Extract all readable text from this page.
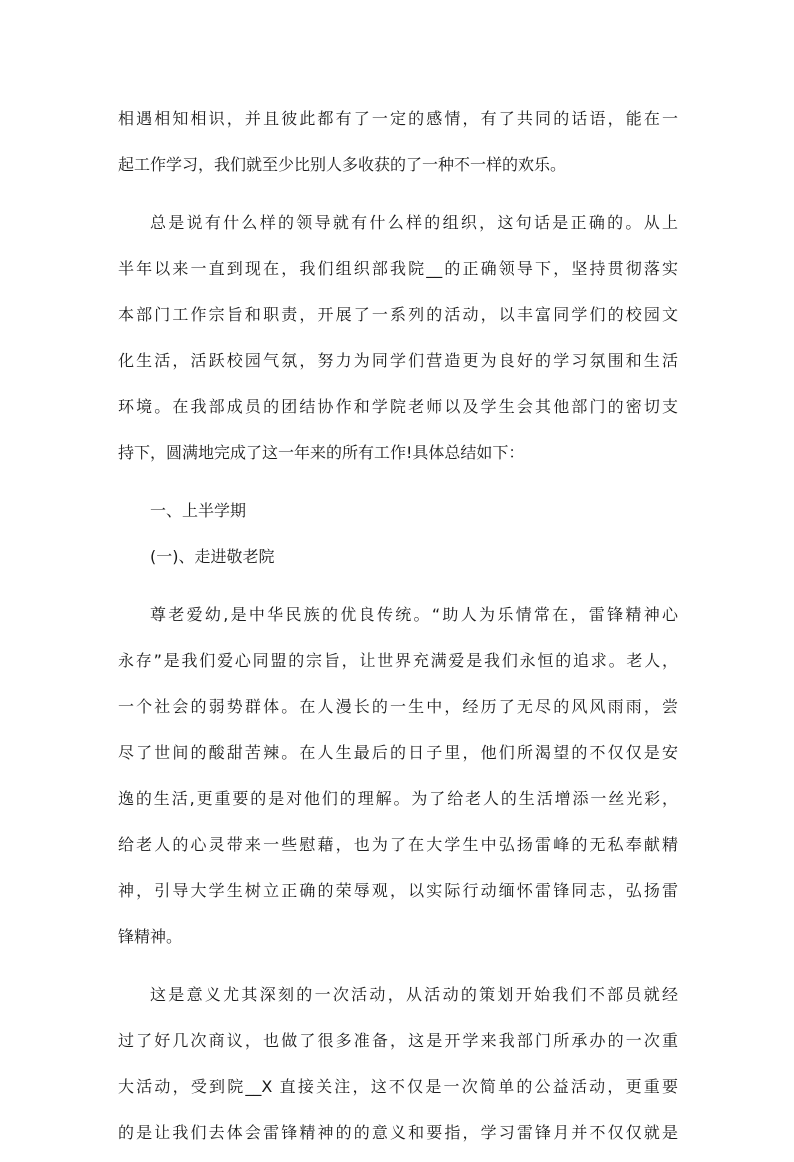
相遇相知相识，并且彼此都有了一定的感情，有了共同的话语，能在一
起工作学习，我们就至少比别人多收获的了一种不一样的欢乐。
总是说有什么样的领导就有什么样的组织，这句话是正确的。从上
半年以来一直到现在，我们组织部我院__的正确领导下，坚持贯彻落实
本部门工作宗旨和职责，开展了一系列的活动，以丰富同学们的校园文
化生活，活跃校园气氛，努力为同学们营造更为良好的学习氛围和生活
环境。在我部成员的团结协作和学院老师以及学生会其他部门的密切支
持下，圆满地完成了这一年来的所有工作!具体总结如下：
一、上半学期
(一)、走进敬老院
尊老爱幼,是中华民族的优良传统。“助人为乐情常在，雷锋精神心
永存”是我们爱心同盟的宗旨，让世界充满爱是我们永恒的追求。老人，
一个社会的弱势群体。在人漫长的一生中，经历了无尽的风风雨雨，尝
尽了世间的酸甜苦辣。在人生最后的日子里，他们所渴望的不仅仅是安
逸的生活,更重要的是对他们的理解。为了给老人的生活增添一丝光彩，
给老人的心灵带来一些慰藉，也为了在大学生中弘扬雷峰的无私奉献精
神，引导大学生树立正确的荣辱观，以实际行动缅怀雷锋同志，弘扬雷
锋精神。
这是意义尤其深刻的一次活动，从活动的策划开始我们不部员就经
过了好几次商议，也做了很多准备，这是开学来我部门所承办的一次重
大活动，受到院__X 直接关注，这不仅是一次简单的公益活动，更重要
的是让我们去体会雷锋精神的的意义和要指，学习雷锋月并不仅仅就是
